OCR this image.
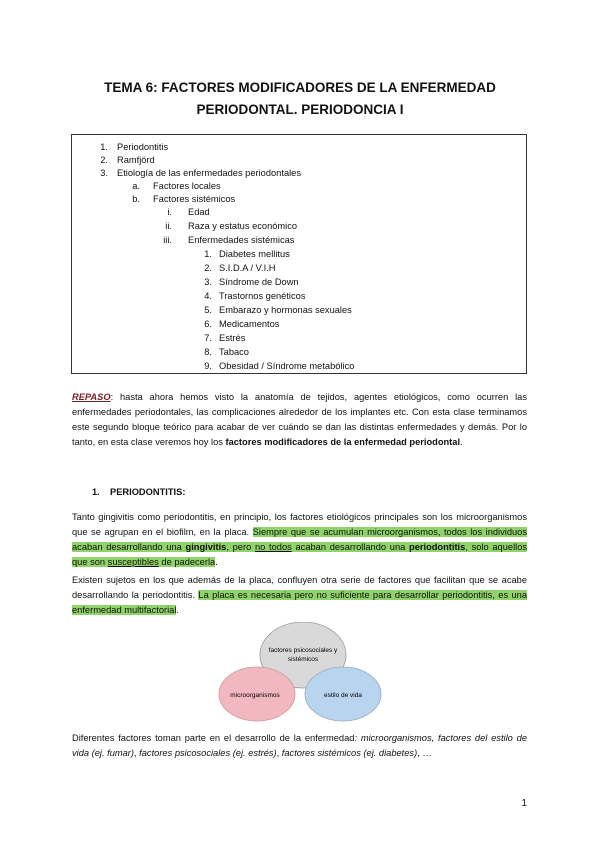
TEMA 6: FACTORES MODIFICADORES DE LA ENFERMEDAD
PERIODONTAL. PERIODONCIA I
1. Periodontitis
2. Ramfjörd
3. Etiología de las enfermedades periodontales
a. Factores locales
b. Factores sistémicos
i. Edad
ii. Raza y estatus económico
iii. Enfermedades sistémicas
1. Diabetes mellitus
2. S.I.D.A / V.I.H
3. Síndrome de Down
4. Trastornos genéticos
5. Embarazo y hormonas sexuales
6. Medicamentos
7. Estrés
8. Tabaco
9. Obesidad / Síndrome metabólico
REPASO: hasta ahora hemos visto la anatomía de tejidos, agentes etiológicos, como ocurren las enfermedades periodontales, las complicaciones alrededor de los implantes etc. Con esta clase terminamos este segundo bloque teórico para acabar de ver cuándo se dan las distintas enfermedades y demás. Por lo tanto, en esta clase veremos hoy los factores modificadores de la enfermedad periodontal.
1. PERIODONTITIS:
Tanto gingivitis como periodontitis, en principio, los factores etiológicos principales son los microorganismos que se agrupan en el biofilm, en la placa. Siempre que se acumulan microorganismos, todos los individuos acaban desarrollando una gingivitis, pero no todos acaban desarrollando una periodontitis, solo aquellos que son susceptibles de padecerla.
Existen sujetos en los que además de la placa, confluyen otra serie de factores que facilitan que se acabe desarrollando la periodontitis. La placa es necesaria pero no suficiente para desarrollar periodontitis, es una enfermedad multifactorial.
factores psicosociales y
sistémicos
microorganismos	estilo de vida
Diferentes factores toman parte en el desarrollo de la enfermedad: microorganismos, factores del estilo de vida (ej. fumar), factores psicosociales (ej. estrés), factores sistémicos (ej. diabetes), …
1
